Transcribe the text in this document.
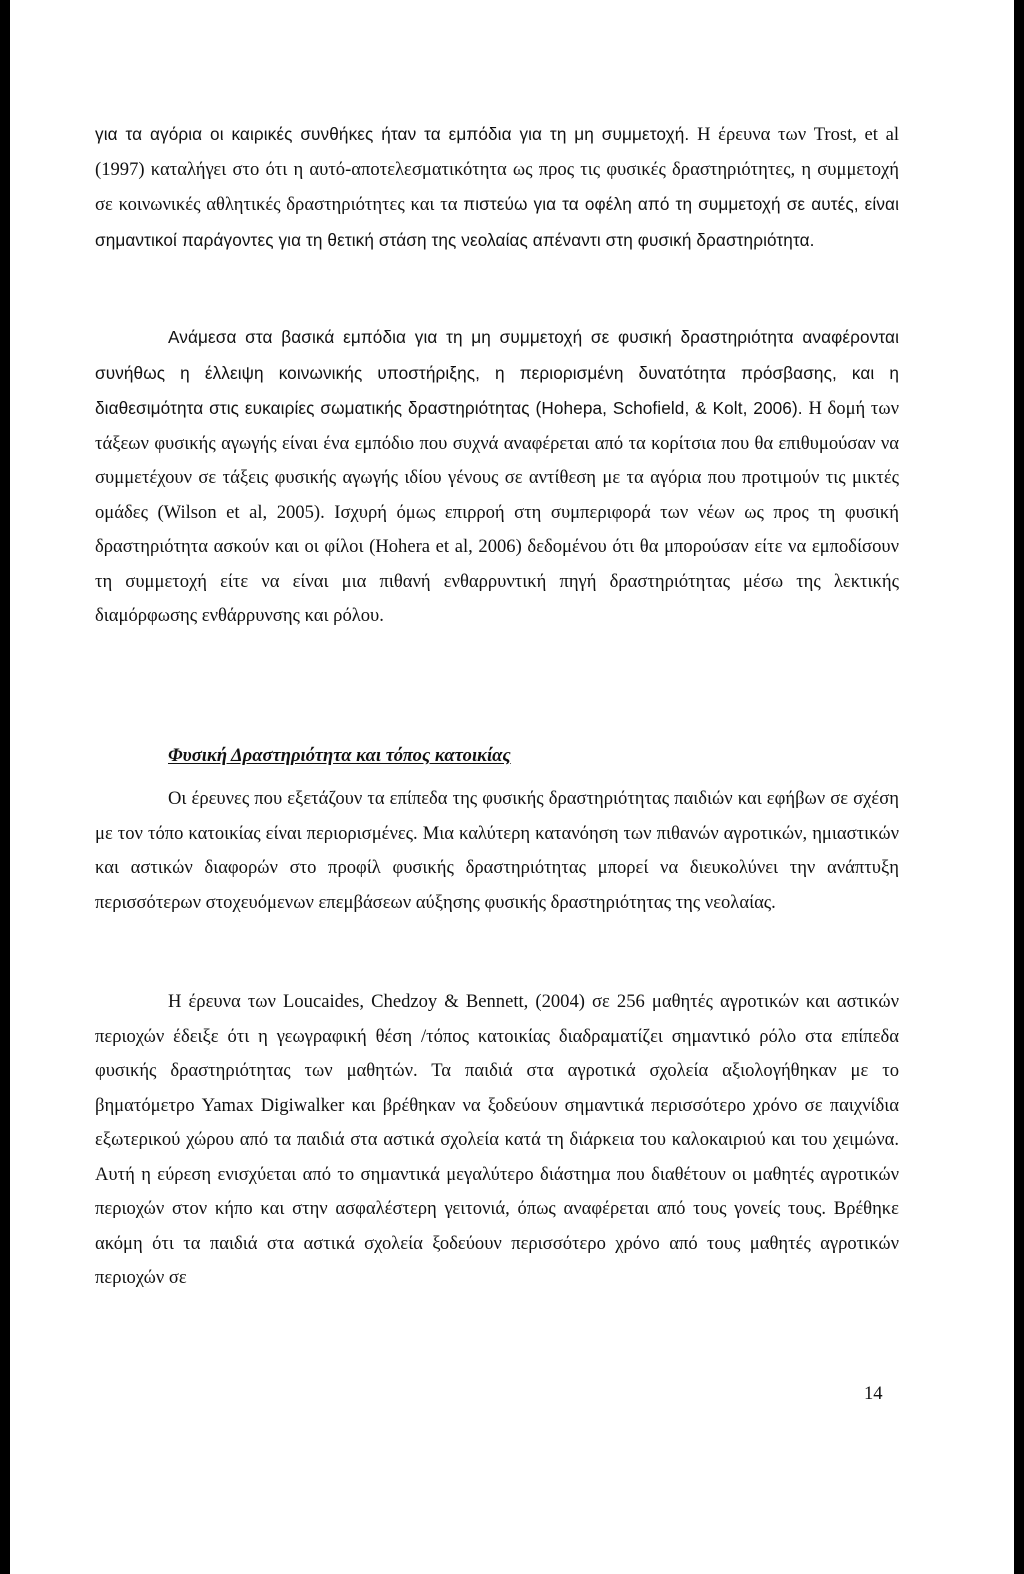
για τα αγόρια οι καιρικές συνθήκες ήταν τα εμπόδια για τη μη συμμετοχή. Η έρευνα των Trost, et al (1997) καταλήγει στο ότι η αυτό-αποτελεσματικότητα ως προς τις φυσικές δραστηριότητες, η συμμετοχή σε κοινωνικές αθλητικές δραστηριότητες και τα πιστεύω για τα οφέλη από τη συμμετοχή σε αυτές, είναι σημαντικοί παράγοντες για τη θετική στάση της νεολαίας απέναντι στη φυσική δραστηριότητα.

Ανάμεσα στα βασικά εμπόδια για τη μη συμμετοχή σε φυσική δραστηριότητα αναφέρονται συνήθως η έλλειψη κοινωνικής υποστήριξης, η περιορισμένη δυνατότητα πρόσβασης, και η διαθεσιμότητα στις ευκαιρίες σωματικής δραστηριότητας (Hohepa, Schofield, & Kolt, 2006). Η δομή των τάξεων φυσικής αγωγής είναι ένα εμπόδιο που συχνά αναφέρεται από τα κορίτσια που θα επιθυμούσαν να συμμετέχουν σε τάξεις φυσικής αγωγής ιδίου γένους σε αντίθεση με τα αγόρια που προτιμούν τις μικτές ομάδες (Wilson et al, 2005). Ισχυρή όμως επιρροή στη συμπεριφορά των νέων ως προς τη φυσική δραστηριότητα ασκούν και οι φίλοι (Hohera et al, 2006) δεδομένου ότι θα μπορούσαν είτε να εμποδίσουν τη συμμετοχή είτε να είναι μια πιθανή ενθαρρυντική πηγή δραστηριότητας μέσω της λεκτικής διαμόρφωσης ενθάρρυνσης και ρόλου.

Φυσική Δραστηριότητα και τόπος κατοικίας

Οι έρευνες που εξετάζουν τα επίπεδα της φυσικής δραστηριότητας παιδιών και εφήβων σε σχέση με τον τόπο κατοικίας είναι περιορισμένες. Μια καλύτερη κατανόηση των πιθανών αγροτικών, ημιαστικών και αστικών διαφορών στο προφίλ φυσικής δραστηριότητας μπορεί να διευκολύνει την ανάπτυξη περισσότερων στοχευόμενων επεμβάσεων αύξησης φυσικής δραστηριότητας της νεολαίας.

Η έρευνα των Loucaides, Chedzoy & Bennett, (2004) σε 256 μαθητές αγροτικών και αστικών περιοχών έδειξε ότι η γεωγραφική θέση /τόπος κατοικίας διαδραματίζει σημαντικό ρόλο στα επίπεδα φυσικής δραστηριότητας των μαθητών. Τα παιδιά στα αγροτικά σχολεία αξιολογήθηκαν με το βηματόμετρο Yamax Digiwalker και βρέθηκαν να ξοδεύουν σημαντικά περισσότερο χρόνο σε παιχνίδια εξωτερικού χώρου από τα παιδιά στα αστικά σχολεία κατά τη διάρκεια του καλοκαιριού και του χειμώνα. Αυτή η εύρεση ενισχύεται από το σημαντικά μεγαλύτερο διάστημα που διαθέτουν οι μαθητές αγροτικών περιοχών στον κήπο και στην ασφαλέστερη γειτονιά, όπως αναφέρεται από τους γονείς τους. Βρέθηκε ακόμη ότι τα παιδιά στα αστικά σχολεία ξοδεύουν περισσότερο χρόνο από τους μαθητές αγροτικών περιοχών σε

14
